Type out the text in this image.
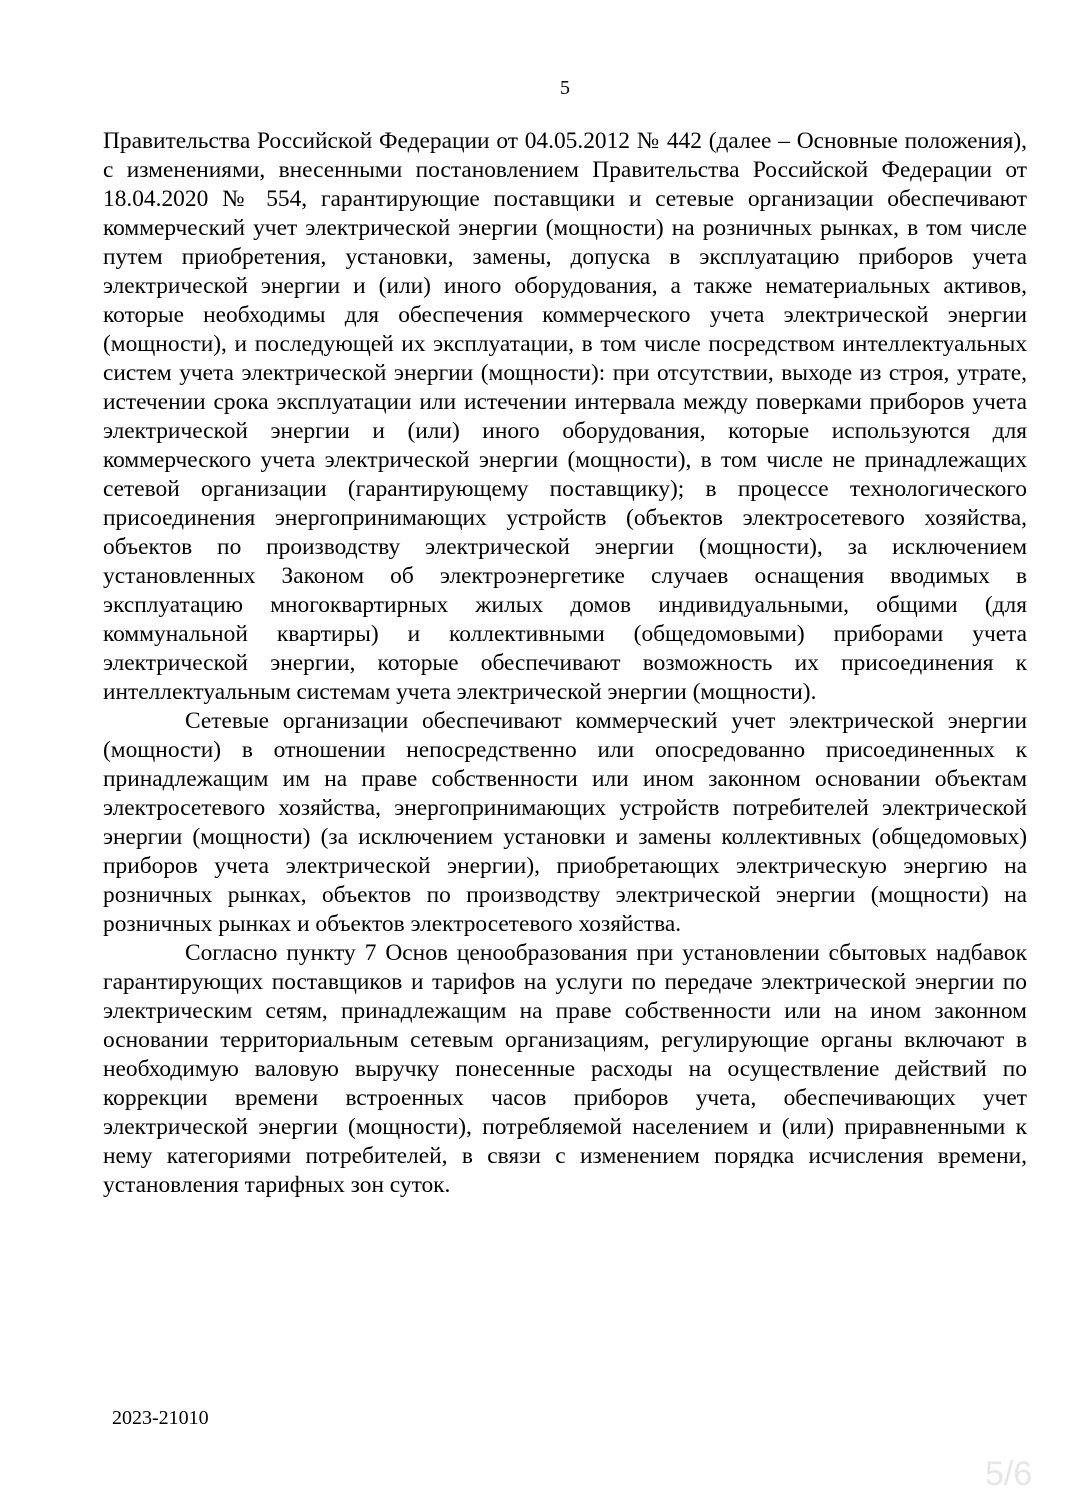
5

Правительства Российской Федерации от 04.05.2012 № 442 (далее – Основные положения), с изменениями, внесенными постановлением Правительства Российской Федерации от 18.04.2020 № 554, гарантирующие поставщики и сетевые организации обеспечивают коммерческий учет электрической энергии (мощности) на розничных рынках, в том числе путем приобретения, установки, замены, допуска в эксплуатацию приборов учета электрической энергии и (или) иного оборудования, а также нематериальных активов, которые необходимы для обеспечения коммерческого учета электрической энергии (мощности), и последующей их эксплуатации, в том числе посредством интеллектуальных систем учета электрической энергии (мощности): при отсутствии, выходе из строя, утрате, истечении срока эксплуатации или истечении интервала между поверками приборов учета электрической энергии и (или) иного оборудования, которые используются для коммерческого учета электрической энергии (мощности), в том числе не принадлежащих сетевой организации (гарантирующему поставщику); в процессе технологического присоединения энергопринимающих устройств (объектов электросетевого хозяйства, объектов по производству электрической энергии (мощности), за исключением установленных Законом об электроэнергетике случаев оснащения вводимых в эксплуатацию многоквартирных жилых домов индивидуальными, общими (для коммунальной квартиры) и коллективными (общедомовыми) приборами учета электрической энергии, которые обеспечивают возможность их присоединения к интеллектуальным системам учета электрической энергии (мощности).

Сетевые организации обеспечивают коммерческий учет электрической энергии (мощности) в отношении непосредственно или опосредованно присоединенных к принадлежащим им на праве собственности или ином законном основании объектам электросетевого хозяйства, энергопринимающих устройств потребителей электрической энергии (мощности) (за исключением установки и замены коллективных (общедомовых) приборов учета электрической энергии), приобретающих электрическую энергию на розничных рынках, объектов по производству электрической энергии (мощности) на розничных рынках и объектов электросетевого хозяйства.

Согласно пункту 7 Основ ценообразования при установлении сбытовых надбавок гарантирующих поставщиков и тарифов на услуги по передаче электрической энергии по электрическим сетям, принадлежащим на праве собственности или на ином законном основании территориальным сетевым организациям, регулирующие органы включают в необходимую валовую выручку понесенные расходы на осуществление действий по коррекции времени встроенных часов приборов учета, обеспечивающих учет электрической энергии (мощности), потребляемой населением и (или) приравненными к нему категориями потребителей, в связи с изменением порядка исчисления времени, установления тарифных зон суток.

2023-21010
5/6
